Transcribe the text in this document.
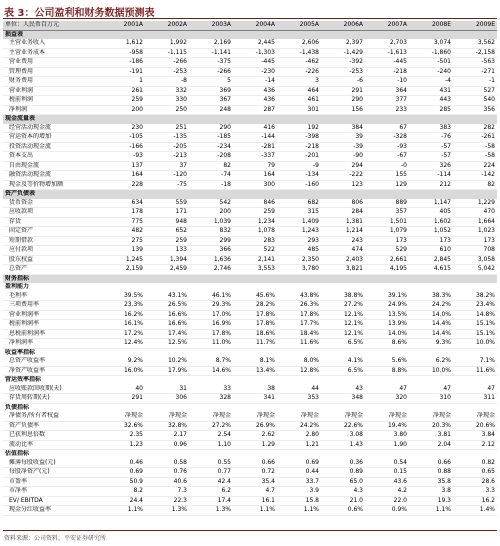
表 3：公司盈利和财务数据预测表
单位：人民币百万元	2001A	2002A	2003A	2004A	2005A	2006A	2007A	2008E	2009E
损益表									
主营业务收入	1,612	1,992	2,169	2,445	2,606	2,397	2,703	3,074	3,562
主营业务成本	-958	-1,115	-1,141	-1,303	-1,438	-1,429	-1,613	-1,860	-2,158
营业费用	-186	-266	-375	-445	-462	-392	-445	-501	-563
管理费用	-191	-253	-266	-230	-226	-253	-218	-240	-271
财务费用	1	-8	5	-14	3	-6	-10	-4	-1
营业利润	261	332	369	436	464	291	364	431	527
税前利润	259	330	367	436	461	290	377	443	540
净利润	200	250	248	287	301	156	233	285	356
现金流量表									
经营活动现金流	230	251	290	416	192	384	67	383	282
营运资本的增加	-105	-135	-185	-144	-398	39	-328	-76	-261
投资活动现金流	-166	-205	-234	-281	-218	-39	-93	-57	-58
资本支出	-93	-213	-208	-337	-201	-90	-67	-57	-58
自由现金流	137	37	82	79	-9	294	-0	326	224
融资活动现金流	164	-120	-74	164	-134	-222	155	-114	-142
现金及等价物增加额	228	-75	-18	300	-160	123	129	212	82
资产负债表									
货币资金	634	559	542	846	682	806	889	1,147	1,229
应收款项	178	171	200	259	315	284	357	405	470
存货	775	948	1,039	1,234	1,409	1,381	1,501	1,602	1,664
固定资产	482	652	832	1,078	1,243	1,214	1,079	1,052	1,023
短期借款	275	259	299	283	293	243	173	173	173
应付款项	139	133	366	522	485	474	529	610	708
股东权益	1,245	1,394	1,636	2,141	2,350	2,403	2,661	2,845	3,058
总资产	2,159	2,459	2,746	3,553	3,780	3,821	4,195	4,615	5,042
财务指标									
盈利能力									
毛利率	39.5%	43.1%	46.1%	45.6%	43.8%	38.8%	39.1%	38.3%	38.2%
三项费用率	23.3%	26.5%	29.3%	28.2%	26.3%	27.2%	24.9%	24.2%	23.4%
营业利润率	16.2%	16.6%	17.0%	17.8%	17.8%	12.1%	13.5%	14.0%	14.8%
税前利润率	16.1%	16.6%	16.9%	17.8%	17.7%	12.1%	13.9%	14.4%	15.1%
息税前利润率	17.2%	17.4%	17.8%	18.6%	18.4%	12.1%	14.0%	14.4%	15.1%
净利润率	12.4%	12.5%	11.0%	11.7%	11.6%	6.5%	8.6%	9.3%	10.0%
收益率指标									
总资产收益率	9.2%	10.2%	8.7%	8.1%	8.0%	4.1%	5.6%	6.2%	7.1%
净资产收益率	16.0%	17.9%	14.6%	13.4%	12.8%	6.5%	8.8%	10.0%	11.6%
营运效率指标									
应收账款回收期(天)	40	31	33	38	44	43	47	47	47
存货周转期(天)	291	306	328	341	353	348	320	310	311
负债指标									
净债务/所有者权益	净现金	净现金	净现金	净现金	净现金	净现金	净现金	净现金	净现金
资产负债率	32.6%	32.8%	27.2%	26.9%	24.2%	22.6%	19.4%	20.3%	20.6%
已获利息倍数	2.35	2.17	2.54	2.62	2.80	3.08	3.80	3.81	3.84
流动比率	1.23	0.96	1.10	1.29	1.21	1.43	1.90	2.04	2.12
估值指标									
摊薄每股收益(元)	0.46	0.58	0.55	0.66	0.69	0.36	0.54	0.66	0.82
每股净资产(元)	0.69	0.76	0.77	0.72	0.44	0.89	0.15	0.88	0.65
市盈率	50.9	40.6	42.4	35.4	33.7	65.0	43.6	35.8	28.6
市净率	8.2	7.3	6.2	4.7	3.9	4.3	4.2	3.8	3.3
EV/ EBITDA	24.4	22.3	17.4	16.1	15.8	21.0	22.0	19.3	16.2
现金分红收益率	1.1%	1.3%	1.3%	1.1%	1.1%	0.6%	0.9%	1.1%	1.4%
资料来源：公司资料，平安证券研究所
